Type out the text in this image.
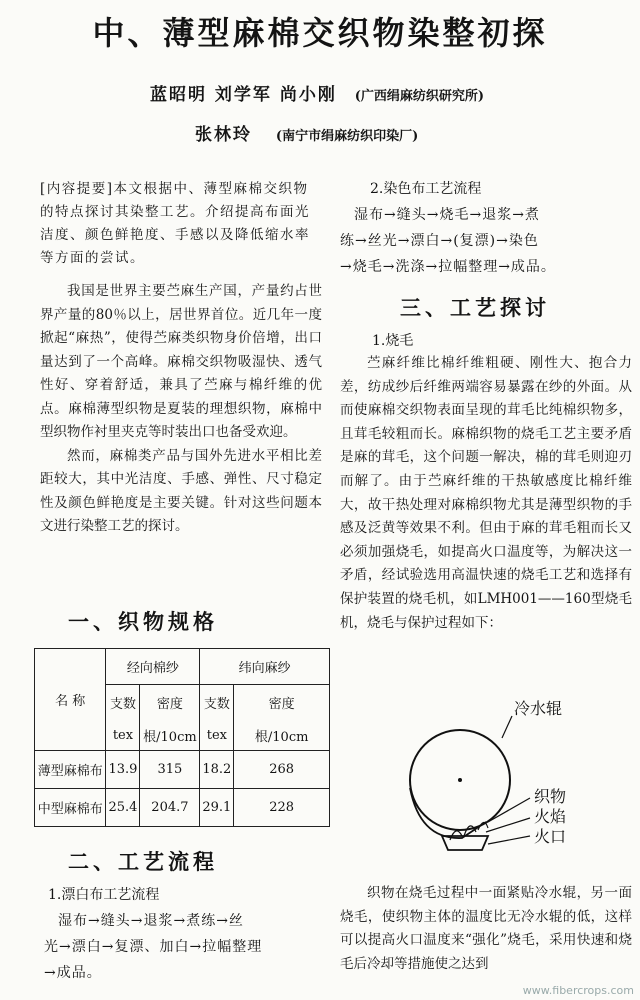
中、薄型麻棉交织物染整初探
蓝昭明 刘学军 尚小刚 (广西绢麻纺织研究所)
张林玲 (南宁市绢麻纺织印染厂)
[内容提要]本文根据中、薄型麻棉交织物的特点探讨其染整工艺。介绍提高布面光洁度、颜色鲜艳度、手感以及降低缩水率等方面的尝试。

我国是世界主要苎麻生产国，产量约占世界产量的80％以上，居世界首位。近几年一度掀起“麻热”，使得苎麻类织物身价倍增，出口量达到了一个高峰。麻棉交织物吸湿快、透气性好、穿着舒适，兼具了苎麻与棉纤维的优点。麻棉薄型织物是夏装的理想织物，麻棉中型织物作衬里夹克等时装出口也备受欢迎。

然而，麻棉类产品与国外先进水平相比差距较大，其中光洁度、手感、弹性、尺寸稳定性及颜色鲜艳度是主要关键。针对这些问题本文进行染整工艺的探讨。

一、织物规格
名 称	经向棉纱		纬向麻纱	
	支数	密度	支数	密度
	tex	根/10cm	tex	根/10cm
薄型麻棉布	13.9	315	18.2	268
中型麻棉布	25.4	204.7	29.1	228
二、工艺流程
1.漂白布工艺流程
湿布→缝头→退浆→煮练→丝
光→漂白→复漂、加白→拉幅整理
→成品。
2.染色布工艺流程
湿布→缝头→烧毛→退浆→煮
练→丝光→漂白→(复漂)→染色
→烧毛→洗涤→拉幅整理→成品。
三、工艺探讨
1.烧毛

苎麻纤维比棉纤维粗硬、刚性大、抱合力差，纺成纱后纤维两端容易暴露在纱的外面。从而使麻棉交织物表面呈现的茸毛比纯棉织物多，且茸毛较粗而长。麻棉织物的烧毛工艺主要矛盾是麻的茸毛，这个问题一解决，棉的茸毛则迎刃而解了。由于苎麻纤维的干热敏感度比棉纤维大，故干热处理对麻棉织物尤其是薄型织物的手感及泛黄等效果不利。但由于麻的茸毛粗而长又必须加强烧毛，如提高火口温度等，为解决这一矛盾，经试验选用高温快速的烧毛工艺和选择有保护装置的烧毛机，如LMH001——160型烧毛机，烧毛与保护过程如下：

冷水辊
织物
火焰
火口

织物在烧毛过程中一面紧贴冷水辊，另一面烧毛，使织物主体的温度比无冷水辊的低，这样可以提高火口温度来“强化”烧毛，采用快速和烧毛后冷却等措施使之达到

www.fibercrops.com
